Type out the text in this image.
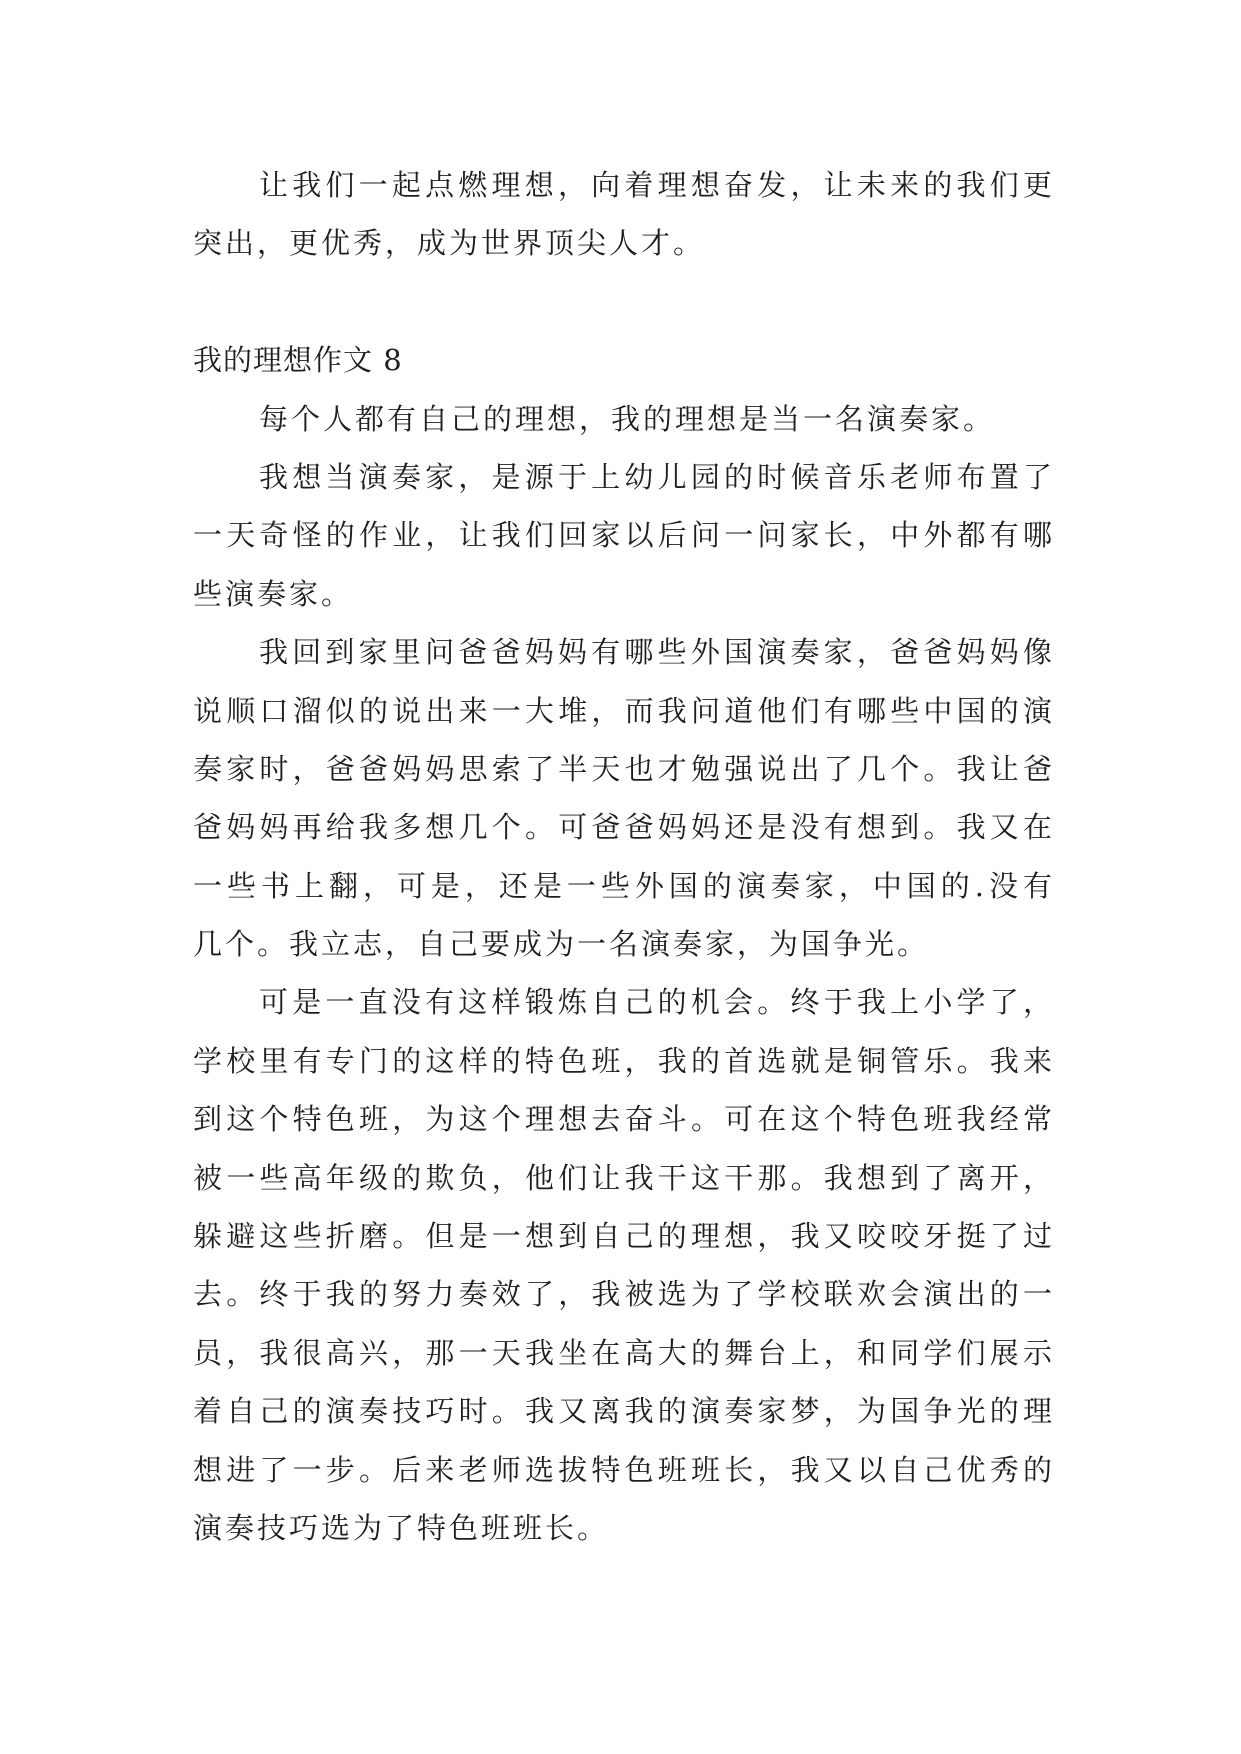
让我们一起点燃理想，向着理想奋发，让未来的我们更
突出，更优秀，成为世界顶尖人才。
我的理想作文 8
每个人都有自己的理想，我的理想是当一名演奏家。
我想当演奏家，是源于上幼儿园的时候音乐老师布置了
一天奇怪的作业，让我们回家以后问一问家长，中外都有哪
些演奏家。
我回到家里问爸爸妈妈有哪些外国演奏家，爸爸妈妈像
说顺口溜似的说出来一大堆，而我问道他们有哪些中国的演
奏家时，爸爸妈妈思索了半天也才勉强说出了几个。我让爸
爸妈妈再给我多想几个。可爸爸妈妈还是没有想到。我又在
一些书上翻，可是，还是一些外国的演奏家，中国的.没有
几个。我立志，自己要成为一名演奏家，为国争光。
可是一直没有这样锻炼自己的机会。终于我上小学了，
学校里有专门的这样的特色班，我的首选就是铜管乐。我来
到这个特色班，为这个理想去奋斗。可在这个特色班我经常
被一些高年级的欺负，他们让我干这干那。我想到了离开，
躲避这些折磨。但是一想到自己的理想，我又咬咬牙挺了过
去。终于我的努力奏效了，我被选为了学校联欢会演出的一
员，我很高兴，那一天我坐在高大的舞台上，和同学们展示
着自己的演奏技巧时。我又离我的演奏家梦，为国争光的理
想进了一步。后来老师选拔特色班班长，我又以自己优秀的
演奏技巧选为了特色班班长。
